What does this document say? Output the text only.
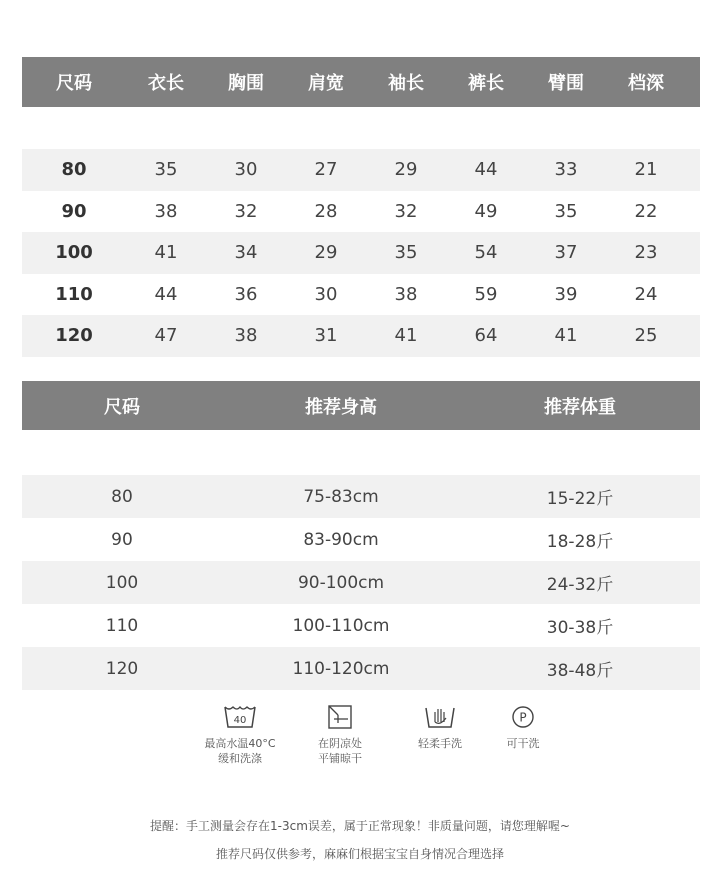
尺码	衣长	胸围	肩宽	袖长	裤长	臂围	档深
80	35	30	27	29	44	33	21
90	38	32	28	32	49	35	22
100	41	34	29	35	54	37	23
110	44	36	30	38	59	39	24
120	47	38	31	41	64	41	25
尺码	推荐身高	推荐体重
80	75-83cm	15-22斤
90	83-90cm	18-28斤
100	90-100cm	24-32斤
110	100-110cm	30-38斤
120	110-120cm	38-48斤
40
最高水温40°C
缓和洗涤
在阴凉处
平铺晾干
轻柔手洗
P
可干洗
提醒：手工测量会存在1-3cm误差，属于正常现象！非质量问题，请您理解喔~
推荐尺码仅供参考，麻麻们根据宝宝自身情况合理选择
